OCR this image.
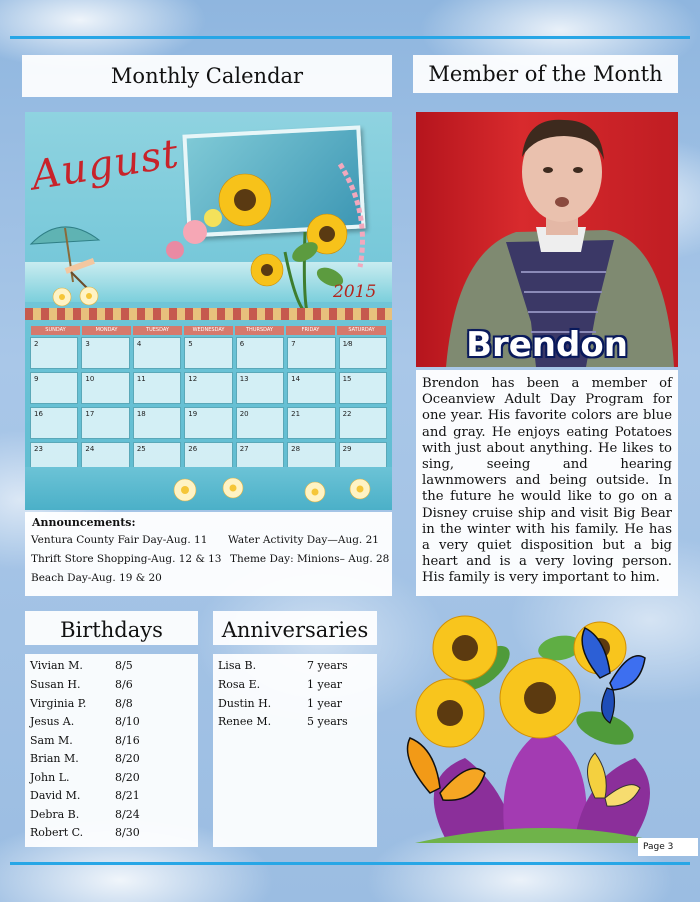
Monthly Calendar
August
2015
SUNDAY	MONDAY	TUESDAY	WEDNESDAY	THURSDAY	FRIDAY	SATURDAY
2	3	4	5	6	7	1⁄8
9	10	11	12	13	14	15
16	17	18	19	20	21	22
23	24	25	26	27	28	29
Announcements:
Ventura County Fair Day-Aug. 11 Water Activity Day—Aug. 21
Thrift Store Shopping-Aug. 12 & 13 Theme Day: Minions– Aug. 28
Beach Day-Aug. 19 & 20
Member of the Month
Brendon

Brendon has been a member of Oceanview Adult Day Program for one year. His favorite colors are blue and gray. He enjoys eating Potatoes with just about anything. He likes to sing, seeing and hearing lawnmowers and being outside. In the future he would like to go on a Disney cruise ship and visit Big Bear in the winter with his family. He has a very quiet disposition but a big heart and is a very loving person. His family is very important to him.

Birthdays
Vivian M.	8/5
Susan H.	8/6
Virginia P.	8/8
Jesus A.	8/10
Sam M.	8/16
Brian M.	8/20
John L.	8/20
David M.	8/21
Debra B.	8/24
Robert C.	8/30
Anniversaries
Lisa B.	7 years
Rosa E.	1 year
Dustin H.	1 year
Renee M.	5 years
Page 3
